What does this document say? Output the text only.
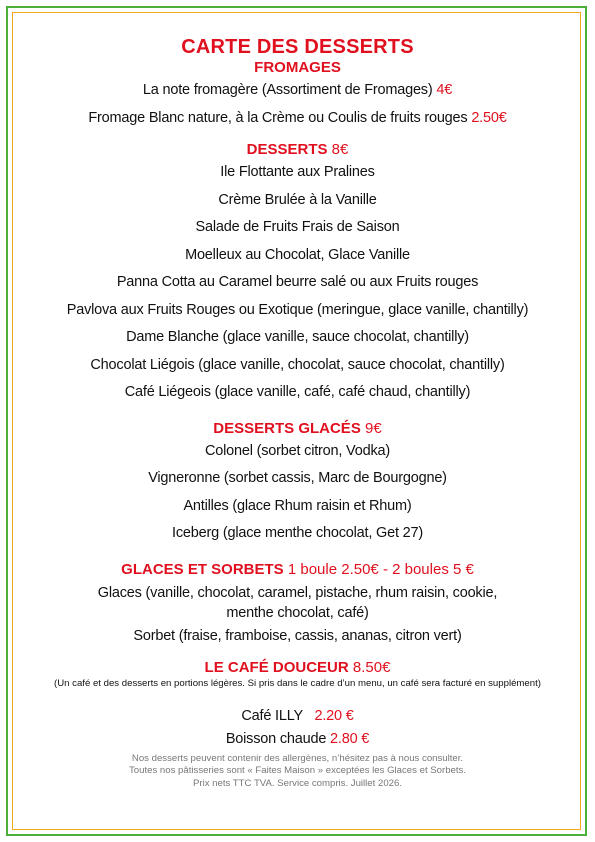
CARTE DES DESSERTS
FROMAGES
La note fromagère (Assortiment de Fromages) 4€
Fromage Blanc nature, à la Crème ou Coulis de fruits rouges 2.50€
DESSERTS 8€
Ile Flottante aux Pralines
Crème Brulée à la Vanille
Salade de Fruits Frais de Saison
Moelleux au Chocolat, Glace Vanille
Panna Cotta au Caramel beurre salé ou aux Fruits rouges
Pavlova aux Fruits Rouges ou Exotique (meringue, glace vanille, chantilly)
Dame Blanche (glace vanille, sauce chocolat, chantilly)
Chocolat Liégois (glace vanille, chocolat, sauce chocolat, chantilly)
Café Liégeois (glace vanille, café, café chaud, chantilly)
DESSERTS GLACÉS 9€
Colonel (sorbet citron, Vodka)
Vigneronne (sorbet cassis, Marc de Bourgogne)
Antilles (glace Rhum raisin et Rhum)
Iceberg (glace menthe chocolat, Get 27)
GLACES ET SORBETS 1 boule 2.50€ - 2 boules 5 €
Glaces (vanille, chocolat, caramel, pistache, rhum raisin, cookie,
menthe chocolat, café)
Sorbet (fraise, framboise, cassis, ananas, citron vert)
LE CAFÉ DOUCEUR 8.50€
(Un café et des desserts en portions légères. Si pris dans le cadre d’un menu, un café sera facturé en supplément)
Café ILLY 2.20 €
Boisson chaude 2.80 €
Nos desserts peuvent contenir des allergènes, n’hésitez pas à nous consulter.
Toutes nos pâtisseries sont « Faites Maison » exceptées les Glaces et Sorbets.
Prix nets TTC TVA. Service compris. Juillet 2026.
